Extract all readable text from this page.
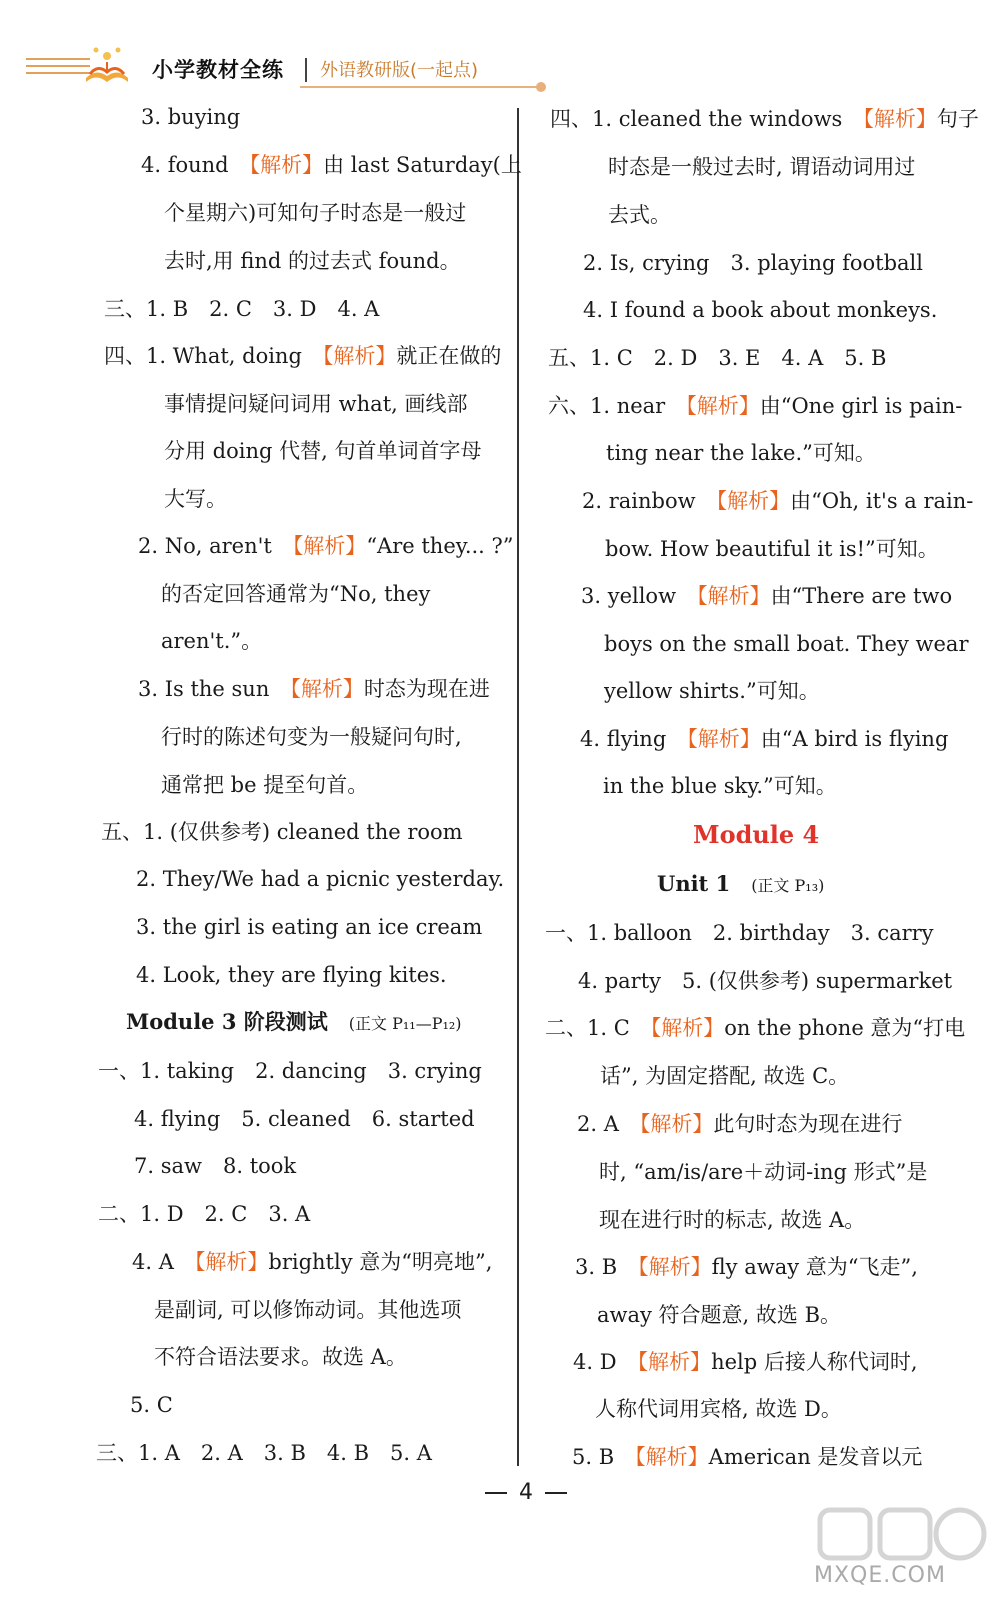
小学教材全练 外语教研版(一起点)
3. buying
4. found　 【解析】由 last Saturday(上
个星期六)可知句子时态是一般过
去时,用 find 的过去式 found。
三、1. B　2. C　3. D　4. A
四、1. What, doing　 【解析】就正在做的
事情提问疑问词用 what, 画线部
分用 doing 代替, 句首单词首字母
大写。
2. No, aren't　 【解析】“Are they... ?”
的否定回答通常为“No, they
aren't.”。
3. Is the sun　 【解析】时态为现在进
行时的陈述句变为一般疑问句时,
通常把 be 提至句首。
五、1. (仅供参考) cleaned the room
2. They/We had a picnic yesterday.
3. the girl is eating an ice cream
4. Look, they are flying kites.
Module 3 阶段测试　 (正文 P₁₁—P₁₂)
一、1. taking　2. dancing　3. crying
4. flying　5. cleaned　6. started
7. saw　8. took
二、1. D　2. C　3. A
4. A　 【解析】brightly 意为“明亮地”,
是副词, 可以修饰动词。其他选项
不符合语法要求。故选 A。
5. C
三、1. A　2. A　3. B　4. B　5. A
四、1. cleaned the windows　 【解析】句子
时态是一般过去时, 谓语动词用过
去式。
2. Is, crying　3. playing football
4. I found a book about monkeys.
五、1. C　2. D　3. E　4. A　5. B
六、1. near　 【解析】由“One girl is pain-
ting near the lake.”可知。
2. rainbow　 【解析】由“Oh, it's a rain-
bow. How beautiful it is!”可知。
3. yellow　 【解析】由“There are two
boys on the small boat. They wear
yellow shirts.”可知。
4. flying　 【解析】由“A bird is flying
in the blue sky.”可知。
Module 4
Unit 1　 (正文 P₁₃)
一、1. balloon　2. birthday　3. carry
4. party　5. (仅供参考) supermarket
二、1. C　 【解析】on the phone 意为“打电
话”, 为固定搭配, 故选 C。
2. A　 【解析】此句时态为现在进行
时, “am/is/are＋动词-ing 形式”是
现在进行时的标志, 故选 A。
3. B　 【解析】fly away 意为“飞走”,
away 符合题意, 故选 B。
4. D　 【解析】help 后接人称代词时,
人称代词用宾格, 故选 D。
5. B　 【解析】American 是发音以元
4
MXQE.COM
